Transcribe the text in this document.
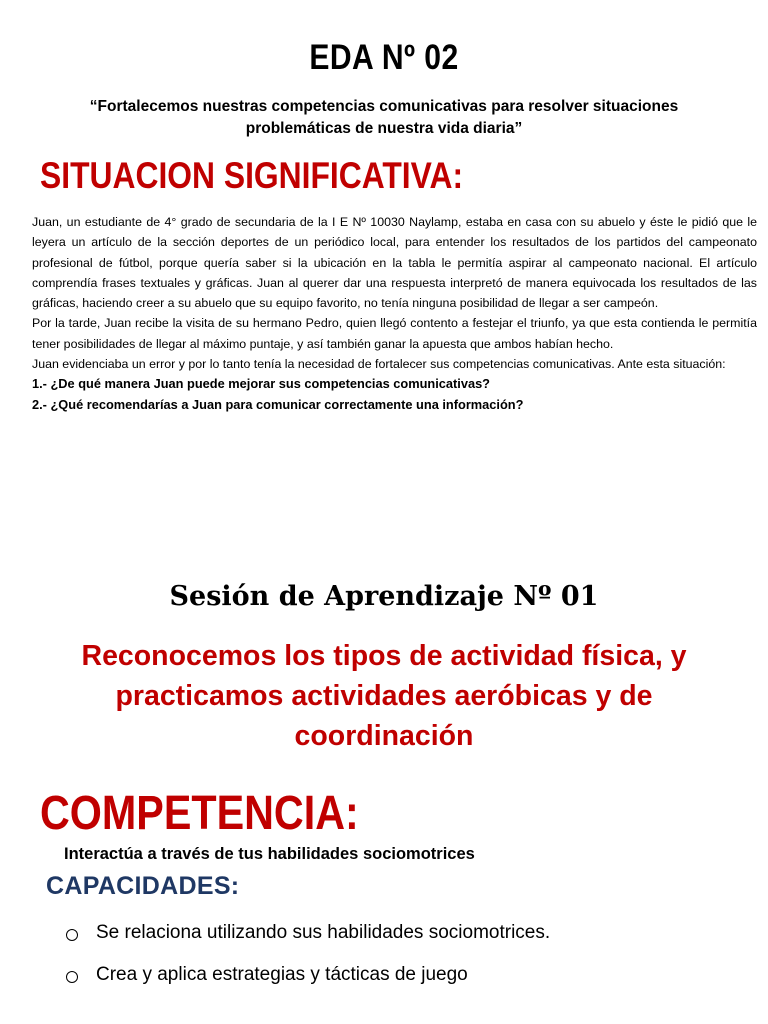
EDA Nº 02
“Fortalecemos nuestras competencias comunicativas para resolver situaciones problemáticas de nuestra vida diaria”
SITUACION SIGNIFICATIVA:

Juan, un estudiante de 4° grado de secundaria de la I E Nº 10030 Naylamp, estaba en casa con su abuelo y éste le pidió que le leyera un artículo de la sección deportes de un periódico local, para entender los resultados de los partidos del campeonato profesional de fútbol, porque quería saber si la ubicación en la tabla le permitía aspirar al campeonato nacional. El artículo comprendía frases textuales y gráficas. Juan al querer dar una respuesta interpretó de manera equivocada los resultados de las gráficas, haciendo creer a su abuelo que su equipo favorito, no tenía ninguna posibilidad de llegar a ser campeón.

Por la tarde, Juan recibe la visita de su hermano Pedro, quien llegó contento a festejar el triunfo, ya que esta contienda le permitía tener posibilidades de llegar al máximo puntaje, y así también ganar la apuesta que ambos habían hecho.

Juan evidenciaba un error y por lo tanto tenía la necesidad de fortalecer sus competencias comunicativas. Ante esta situación:

1.- ¿De qué manera Juan puede mejorar sus competencias comunicativas?

2.- ¿Qué recomendarías a Juan para comunicar correctamente una información?

Sesión de Aprendizaje Nº 01
Reconocemos los tipos de actividad física, y practicamos actividades aeróbicas y de coordinación
COMPETENCIA:
Interactúa a través de tus habilidades sociomotrices
CAPACIDADES:
Se relaciona utilizando sus habilidades sociomotrices.
Crea y aplica estrategias y tácticas de juego
